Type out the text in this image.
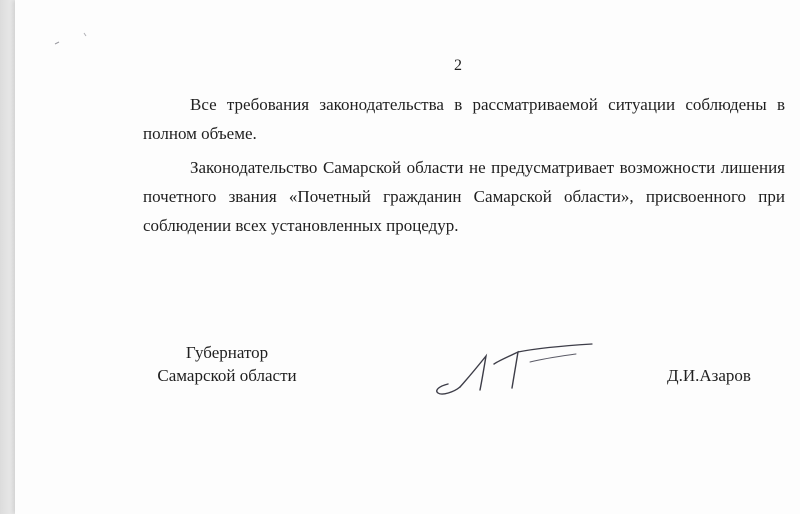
2

Все требования законодательства в рассматриваемой ситуации соблюдены в полном объеме.

Законодательство Самарской области не предусматривает возможности лишения почетного звания «Почетный гражданин Самарской области», присвоенного при соблюдении всех установленных процедур.

Губернатор
Самарской области	Д.И.Азаров
